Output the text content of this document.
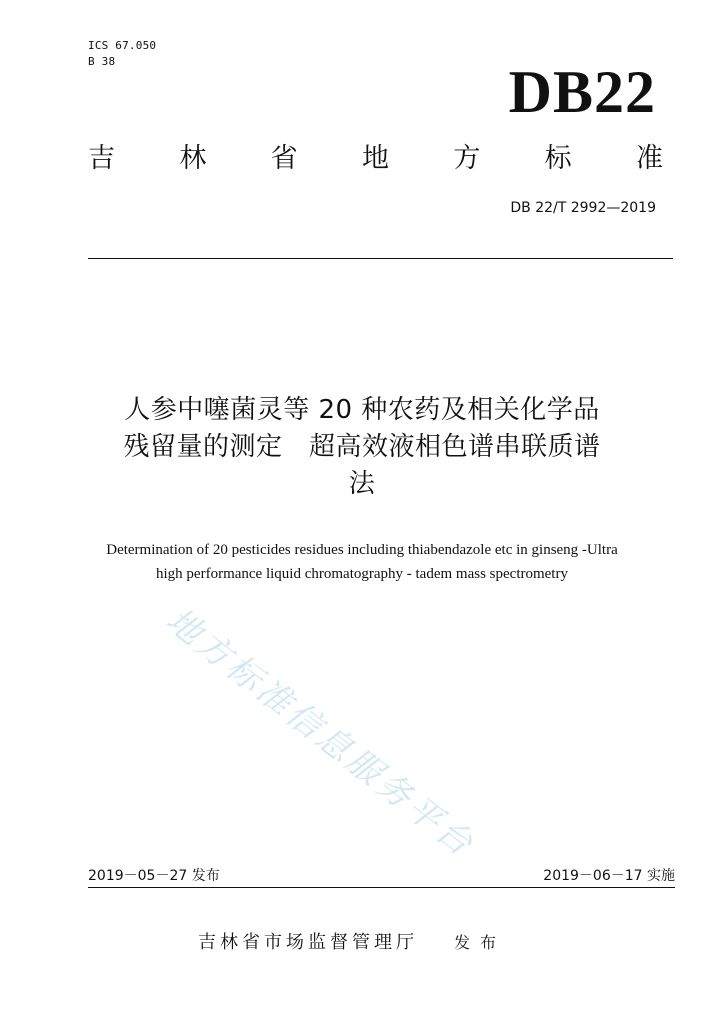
ICS 67.050
B 38	DB22
吉 林 省 地 方 标 准
DB 22/T 2992—2019
人参中噻菌灵等 20 种农药及相关化学品
残留量的测定　超高效液相色谱串联质谱
法
Determination of 20 pesticides residues including thiabendazole etc in ginseng -Ultra
high performance liquid chromatography - tadem mass spectrometry
地方标准信息服务平台
2019－05－27 发布	2019－06－17 实施
吉林省市场监督管理厅 发布
